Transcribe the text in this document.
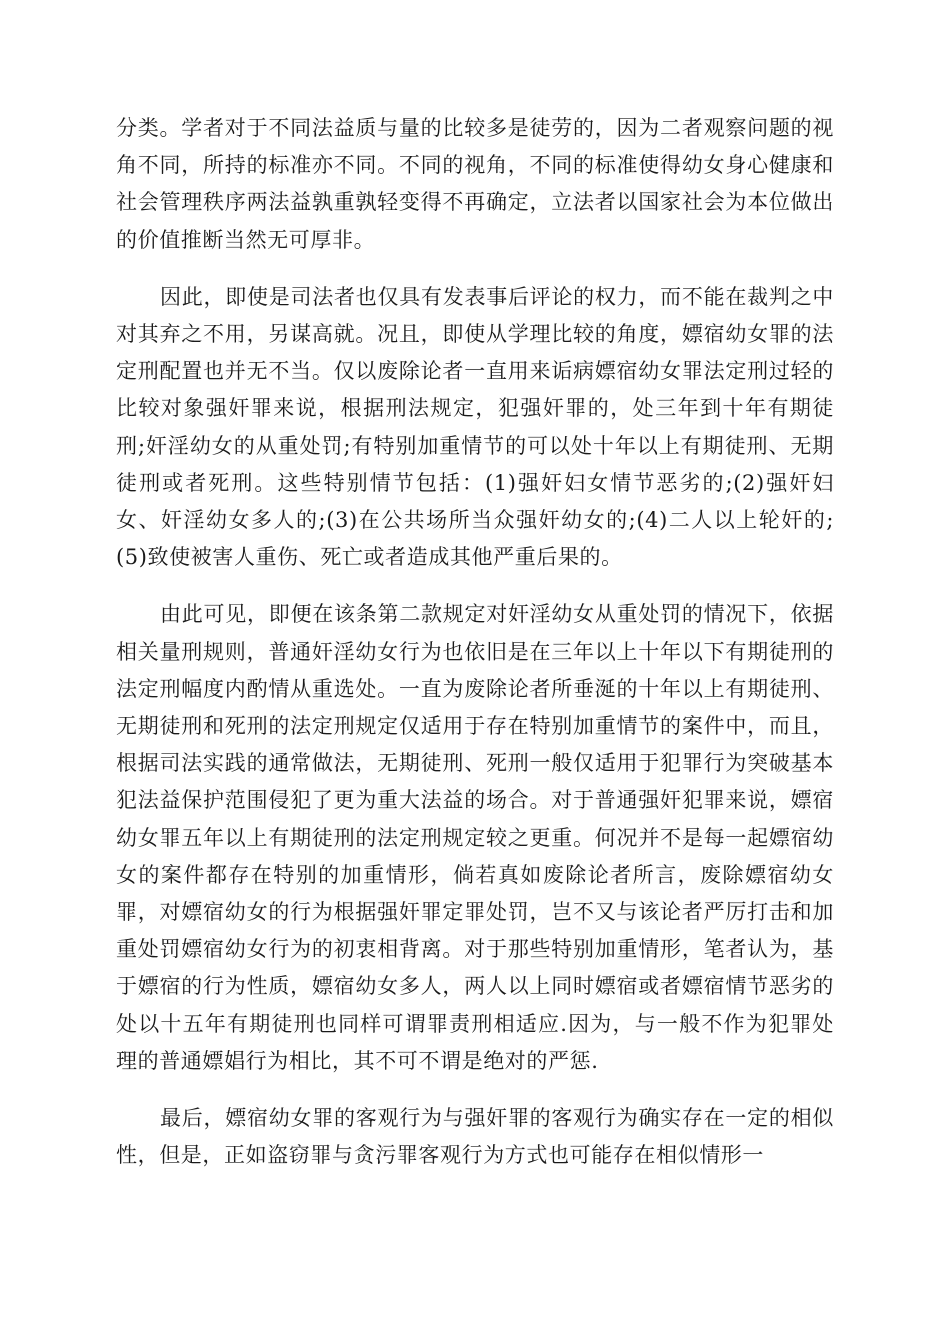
分类。学者对于不同法益质与量的比较多是徒劳的，因为二者观察问题的视角不同，所持的标准亦不同。不同的视角，不同的标准使得幼女身心健康和社会管理秩序两法益孰重孰轻变得不再确定，立法者以国家社会为本位做出的价值推断当然无可厚非。

因此，即使是司法者也仅具有发表事后评论的权力，而不能在裁判之中对其弃之不用，另谋高就。况且，即使从学理比较的角度，嫖宿幼女罪的法定刑配置也并无不当。仅以废除论者一直用来诟病嫖宿幼女罪法定刑过轻的比较对象强奸罪来说，根据刑法规定，犯强奸罪的，处三年到十年有期徒刑;奸淫幼女的从重处罚;有特别加重情节的可以处十年以上有期徒刑、无期徒刑或者死刑。这些特别情节包括：(1)强奸妇女情节恶劣的;(2)强奸妇女、奸淫幼女多人的;(3)在公共场所当众强奸幼女的;(4)二人以上轮奸的;(5)致使被害人重伤、死亡或者造成其他严重后果的。

由此可见，即便在该条第二款规定对奸淫幼女从重处罚的情况下，依据相关量刑规则，普通奸淫幼女行为也依旧是在三年以上十年以下有期徒刑的法定刑幅度内酌情从重选处。一直为废除论者所垂涎的十年以上有期徒刑、无期徒刑和死刑的法定刑规定仅适用于存在特别加重情节的案件中，而且，根据司法实践的通常做法，无期徒刑、死刑一般仅适用于犯罪行为突破基本犯法益保护范围侵犯了更为重大法益的场合。对于普通强奸犯罪来说，嫖宿幼女罪五年以上有期徒刑的法定刑规定较之更重。何况并不是每一起嫖宿幼女的案件都存在特别的加重情形，倘若真如废除论者所言，废除嫖宿幼女罪，对嫖宿幼女的行为根据强奸罪定罪处罚，岂不又与该论者严厉打击和加重处罚嫖宿幼女行为的初衷相背离。对于那些特别加重情形，笔者认为，基于嫖宿的行为性质，嫖宿幼女多人，两人以上同时嫖宿或者嫖宿情节恶劣的处以十五年有期徒刑也同样可谓罪责刑相适应.因为，与一般不作为犯罪处理的普通嫖娼行为相比，其不可不谓是绝对的严惩.

最后，嫖宿幼女罪的客观行为与强奸罪的客观行为确实存在一定的相似性，但是，正如盗窃罪与贪污罪客观行为方式也可能存在相似情形一
